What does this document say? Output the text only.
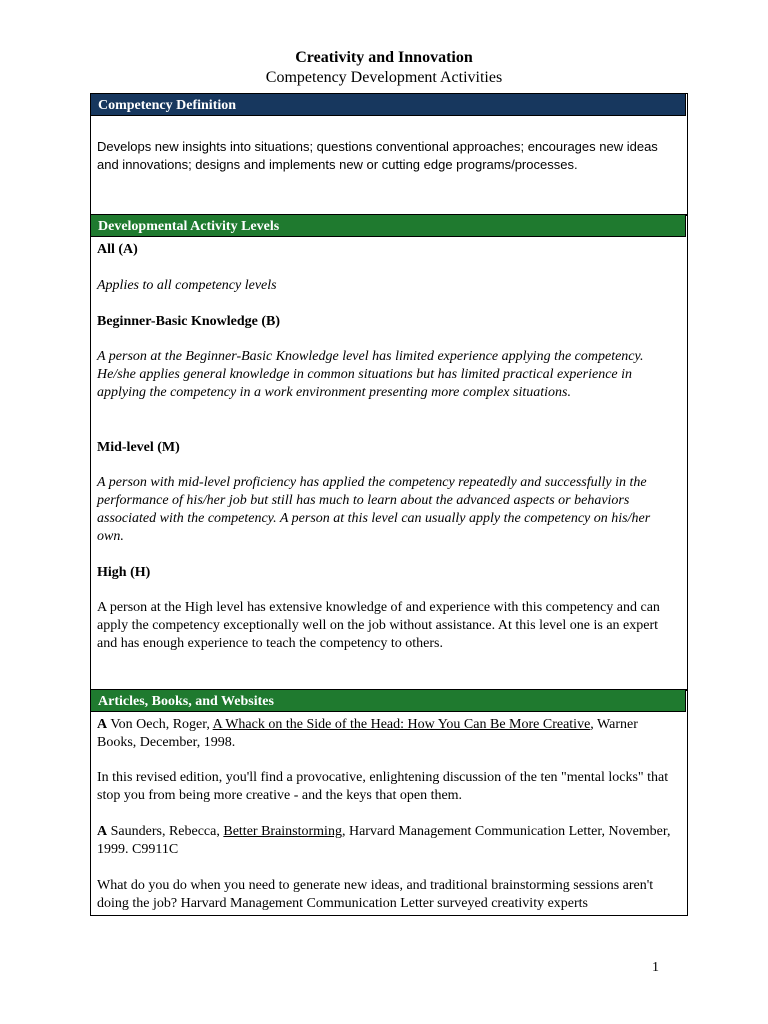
Creativity and Innovation
Competency Development Activities
Competency Definition
Develops new insights into situations; questions conventional approaches; encourages new ideas and innovations; designs and implements new or cutting edge programs/processes.
Developmental Activity Levels

All (A)

Applies to all competency levels

Beginner-Basic Knowledge (B)

A person at the Beginner-Basic Knowledge level has limited experience applying the competency. He/she applies general knowledge in common situations but has limited practical experience in applying the competency in a work environment presenting more complex situations.

Mid-level (M)

A person with mid-level proficiency has applied the competency repeatedly and successfully in the performance of his/her job but still has much to learn about the advanced aspects or behaviors associated with the competency. A person at this level can usually apply the competency on his/her own.

High (H)

A person at the High level has extensive knowledge of and experience with this competency and can apply the competency exceptionally well on the job without assistance. At this level one is an expert and has enough experience to teach the competency to others.

Articles, Books, and Websites

A Von Oech, Roger, A Whack on the Side of the Head: How You Can Be More Creative, Warner Books, December, 1998.

In this revised edition, you'll find a provocative, enlightening discussion of the ten "mental locks" that stop you from being more creative - and the keys that open them.

A Saunders, Rebecca, Better Brainstorming, Harvard Management Communication Letter, November, 1999. C9911C

What do you do when you need to generate new ideas, and traditional brainstorming sessions aren't doing the job? Harvard Management Communication Letter surveyed creativity experts

1
